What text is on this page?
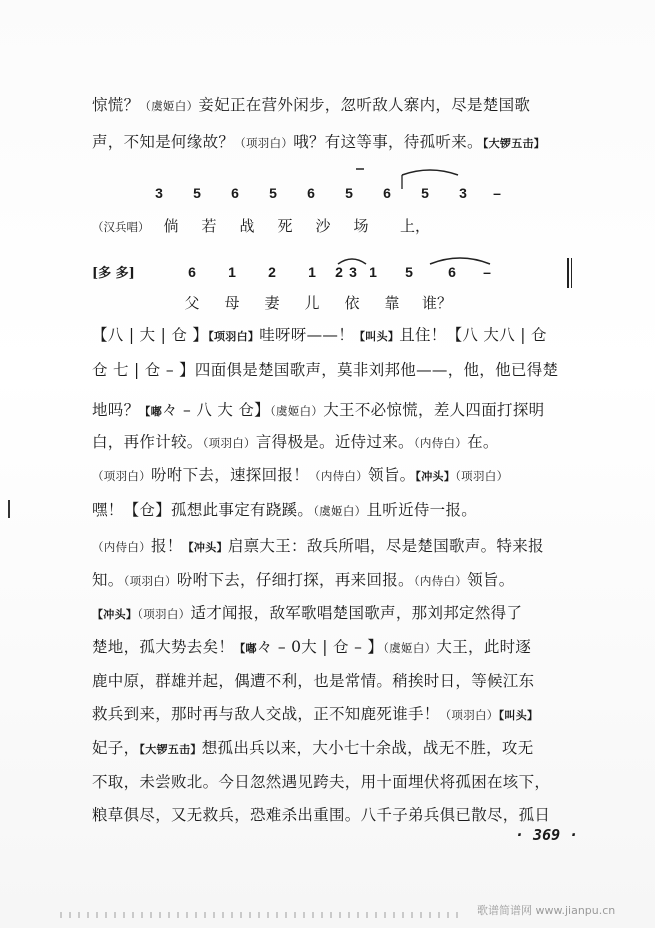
惊慌？（虞姬白）妾妃正在营外闲步，忽听敌人寨内，尽是楚国歌
声，不知是何缘故？（项羽白）哦？有这等事，待孤听来。【大锣五击】
3 5 6 5 6 5 6 5 3 –
（汉兵唱） 倘 若 战 死 沙 场 上，
[多 多]	6 1 2 1 2 3 1 5	6 –
父 母 妻 儿 依 靠 谁？
【八 | 大 | 仓 】【项羽白】哇呀呀——！【叫头】且住！【八 大八 | 仓
仓 七 | 仓 – 】四面俱是楚国歌声，莫非刘邦他——，他，他已得楚
地吗？【嘟々 – 八 大 仓】（虞姬白）大王不必惊慌，差人四面打探明
白，再作计较。（项羽白）言得极是。近侍过来。（内侍白）在。
（项羽白）吩咐下去，速探回报！（内侍白）领旨。【冲头】（项羽白）
嘿！【仓】孤想此事定有跷蹊。（虞姬白）且听近侍一报。
（内侍白）报！【冲头】启禀大王：敌兵所唱，尽是楚国歌声。特来报
知。（项羽白）吩咐下去，仔细打探，再来回报。（内侍白）领旨。
【冲头】（项羽白）适才闻报，敌军歌唱楚国歌声，那刘邦定然得了
楚地，孤大势去矣！【嘟々 – 0大 | 仓 – 】（虞姬白）大王，此时逐
鹿中原，群雄并起，偶遭不利，也是常情。稍挨时日，等候江东
救兵到来，那时再与敌人交战，正不知鹿死谁手！（项羽白）【叫头】
妃子，【大锣五击】想孤出兵以来，大小七十余战，战无不胜，攻无
不取，未尝败北。今日忽然遇见跨夫，用十面埋伏将孤困在垓下，
粮草俱尽，又无救兵，恐难杀出重围。八千子弟兵俱已散尽，孤日
· 369 ·
歌谱简谱网 www.jianpu.cn
